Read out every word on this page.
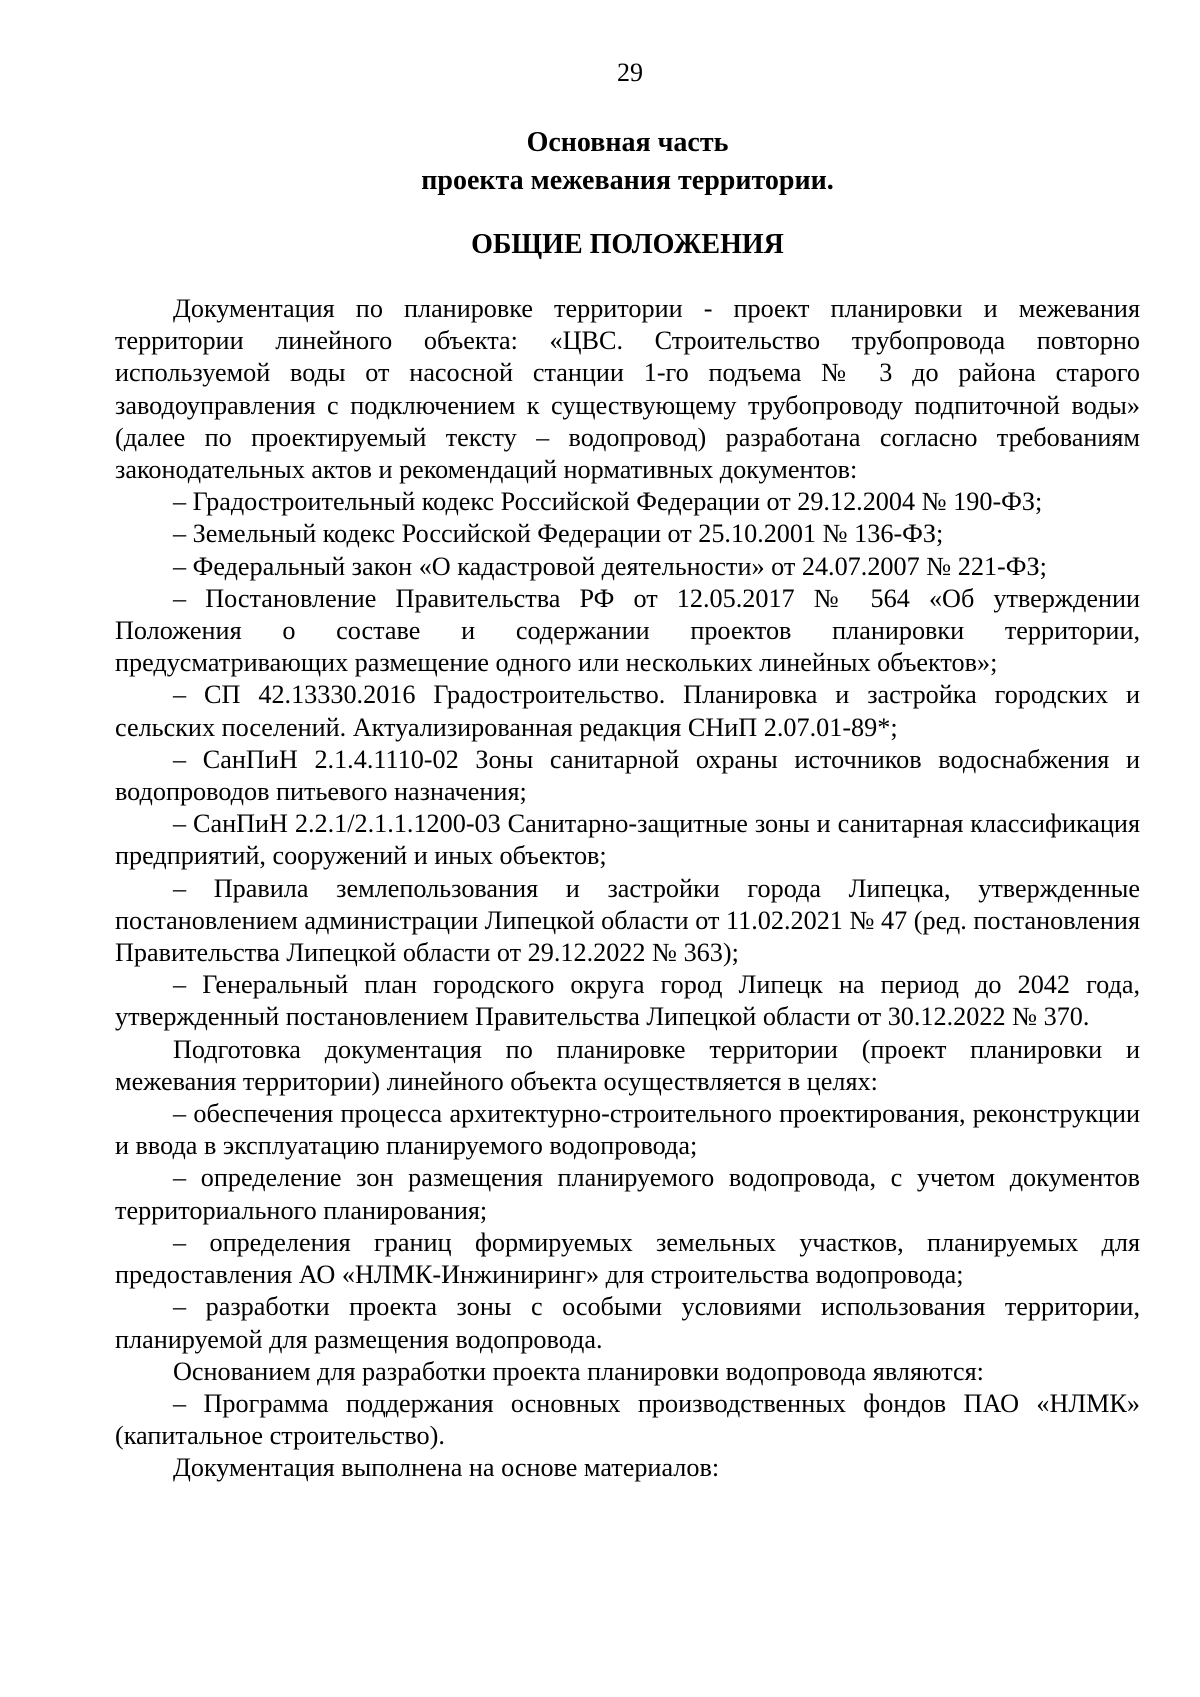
29
Основная часть
проекта межевания территории.
ОБЩИЕ ПОЛОЖЕНИЯ

Документация по планировке территории - проект планировки и межевания территории линейного объекта: «ЦВС. Строительство трубопровода повторно используемой воды от насосной станции 1-го подъема № 3 до района старого заводоуправления с подключением к существующему трубопроводу подпиточной воды» (далее по проектируемый тексту – водопровод) разработана согласно требованиям законодательных актов и рекомендаций нормативных документов:

– Градостроительный кодекс Российской Федерации от 29.12.2004 № 190-ФЗ;

– Земельный кодекс Российской Федерации от 25.10.2001 № 136-ФЗ;

– Федеральный закон «О кадастровой деятельности» от 24.07.2007 № 221-ФЗ;

– Постановление Правительства РФ от 12.05.2017 № 564 «Об утверждении Положения о составе и содержании проектов планировки территории, предусматривающих размещение одного или нескольких линейных объектов»;

– СП 42.13330.2016 Градостроительство. Планировка и застройка городских и сельских поселений. Актуализированная редакция СНиП 2.07.01-89*;

– СанПиН 2.1.4.1110-02 Зоны санитарной охраны источников водоснабжения и водопроводов питьевого назначения;

– СанПиН 2.2.1/2.1.1.1200-03 Санитарно-защитные зоны и санитарная классификация предприятий, сооружений и иных объектов;

– Правила землепользования и застройки города Липецка, утвержденные постановлением администрации Липецкой области от 11.02.2021 № 47 (ред. постановления Правительства Липецкой области от 29.12.2022 № 363);

– Генеральный план городского округа город Липецк на период до 2042 года, утвержденный постановлением Правительства Липецкой области от 30.12.2022 № 370.

Подготовка документация по планировке территории (проект планировки и межевания территории) линейного объекта осуществляется в целях:

– обеспечения процесса архитектурно-строительного проектирования, реконструкции и ввода в эксплуатацию планируемого водопровода;

– определение зон размещения планируемого водопровода, с учетом документов территориального планирования;

– определения границ формируемых земельных участков, планируемых для предоставления АО «НЛМК-Инжиниринг» для строительства водопровода;

– разработки проекта зоны с особыми условиями использования территории, планируемой для размещения водопровода.

Основанием для разработки проекта планировки водопровода являются:

– Программа поддержания основных производственных фондов ПАО «НЛМК» (капитальное строительство).

Документация выполнена на основе материалов:
